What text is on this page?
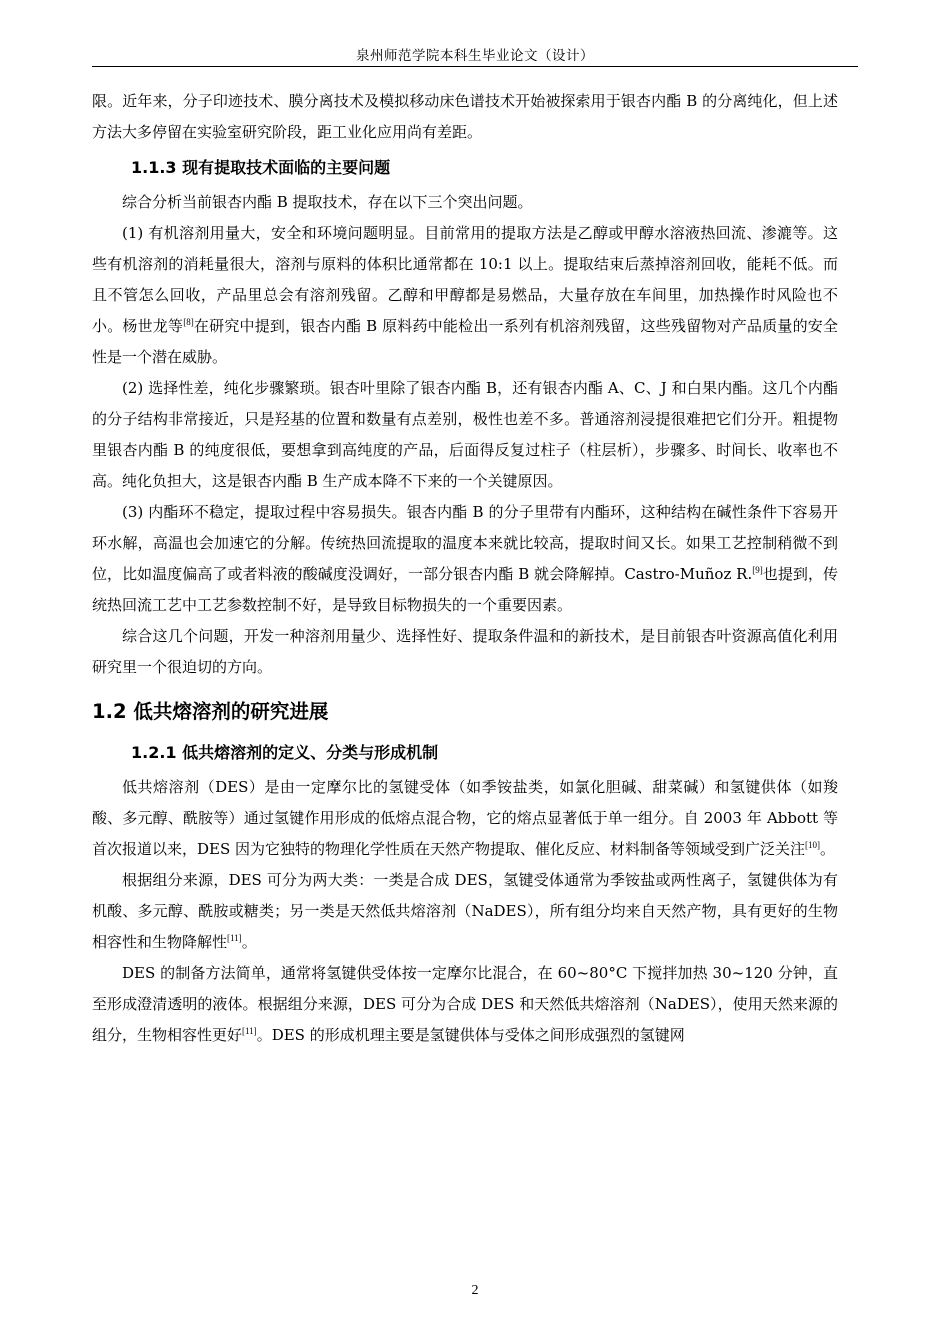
泉州师范学院本科生毕业论文（设计）

限。近年来，分子印迹技术、膜分离技术及模拟移动床色谱技术开始被探索用于银杏内酯 B 的分离纯化，但上述方法大多停留在实验室研究阶段，距工业化应用尚有差距。

1.1.3 现有提取技术面临的主要问题

综合分析当前银杏内酯 B 提取技术，存在以下三个突出问题。

(1) 有机溶剂用量大，安全和环境问题明显。目前常用的提取方法是乙醇或甲醇水溶液热回流、渗漉等。这些有机溶剂的消耗量很大，溶剂与原料的体积比通常都在 10:1 以上。提取结束后蒸掉溶剂回收，能耗不低。而且不管怎么回收，产品里总会有溶剂残留。乙醇和甲醇都是易燃品，大量存放在车间里，加热操作时风险也不小。杨世龙等[8]在研究中提到，银杏内酯 B 原料药中能检出一系列有机溶剂残留，这些残留物对产品质量的安全性是一个潜在威胁。

(2) 选择性差，纯化步骤繁琐。银杏叶里除了银杏内酯 B，还有银杏内酯 A、C、J 和白果内酯。这几个内酯的分子结构非常接近，只是羟基的位置和数量有点差别，极性也差不多。普通溶剂浸提很难把它们分开。粗提物里银杏内酯 B 的纯度很低，要想拿到高纯度的产品，后面得反复过柱子（柱层析），步骤多、时间长、收率也不高。纯化负担大，这是银杏内酯 B 生产成本降不下来的一个关键原因。

(3) 内酯环不稳定，提取过程中容易损失。银杏内酯 B 的分子里带有内酯环，这种结构在碱性条件下容易开环水解，高温也会加速它的分解。传统热回流提取的温度本来就比较高，提取时间又长。如果工艺控制稍微不到位，比如温度偏高了或者料液的酸碱度没调好，一部分银杏内酯 B 就会降解掉。Castro-Muñoz R.[9]也提到，传统热回流工艺中工艺参数控制不好，是导致目标物损失的一个重要因素。

综合这几个问题，开发一种溶剂用量少、选择性好、提取条件温和的新技术，是目前银杏叶资源高值化利用研究里一个很迫切的方向。

1.2 低共熔溶剂的研究进展
1.2.1 低共熔溶剂的定义、分类与形成机制

低共熔溶剂（DES）是由一定摩尔比的氢键受体（如季铵盐类，如氯化胆碱、甜菜碱）和氢键供体（如羧酸、多元醇、酰胺等）通过氢键作用形成的低熔点混合物，它的熔点显著低于单一组分。自 2003 年 Abbott 等首次报道以来，DES 因为它独特的物理化学性质在天然产物提取、催化反应、材料制备等领域受到广泛关注[10]。

根据组分来源，DES 可分为两大类：一类是合成 DES，氢键受体通常为季铵盐或两性离子，氢键供体为有机酸、多元醇、酰胺或糖类；另一类是天然低共熔溶剂（NaDES），所有组分均来自天然产物，具有更好的生物相容性和生物降解性[11]。

DES 的制备方法简单，通常将氢键供受体按一定摩尔比混合，在 60~80°C 下搅拌加热 30~120 分钟，直至形成澄清透明的液体。根据组分来源，DES 可分为合成 DES 和天然低共熔溶剂（NaDES），使用天然来源的组分，生物相容性更好[11]。DES 的形成机理主要是氢键供体与受体之间形成强烈的氢键网

2
